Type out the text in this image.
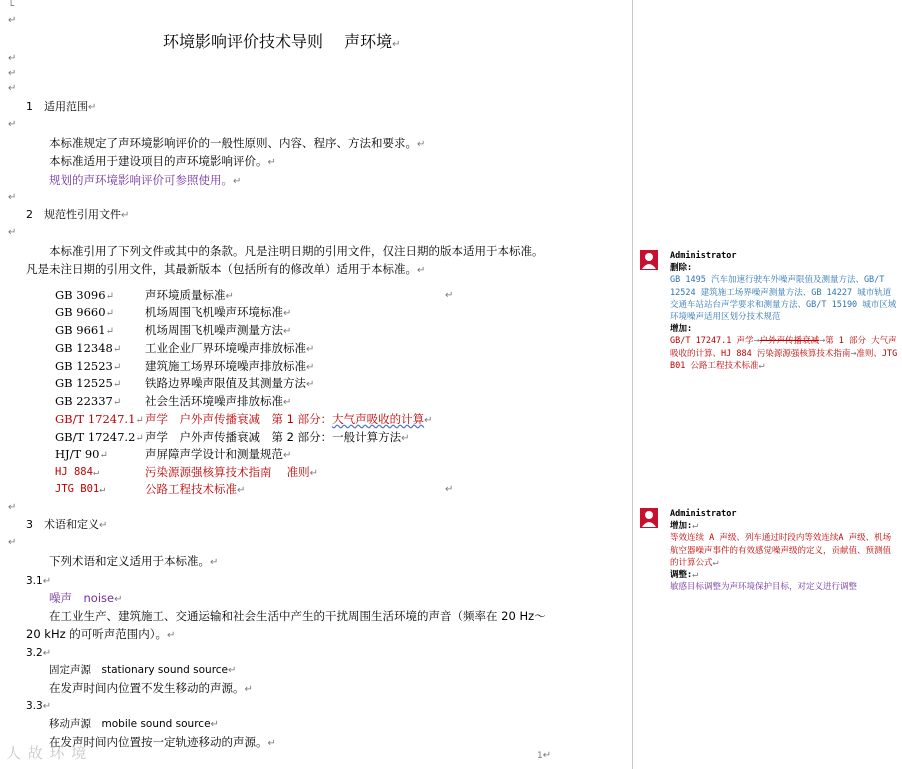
└
↵
环境影响评价技术导则　 声环境↵
↵
↵
↵
1　适用范围↵
↵
本标准规定了声环境影响评价的一般性原则、内容、程序、方法和要求。↵
本标准适用于建设项目的声环境影响评价。↵
规划的声环境影响评价可参照使用。↵
↵
2　规范性引用文件↵
↵
本标准引用了下列文件或其中的条款。凡是注明日期的引用文件，仅注日期的版本适用于本标准。
凡是未注日期的引用文件，其最新版本（包括所有的修改单）适用于本标准。↵
GB 3096↵	声环境质量标准↵	↵
GB 9660↵	机场周围飞机噪声环境标准↵
GB 9661↵	机场周围飞机噪声测量方法↵
GB 12348↵ 工业企业厂界环境噪声排放标准↵
GB 12523↵ 建筑施工场界环境噪声排放标准↵
GB 12525↵ 铁路边界噪声限值及其测量方法↵
GB 22337↵ 社会生活环境噪声排放标准↵
GB/T 17247.1↵ 声学　户外声传播衰减　第 1 部分：大气声吸收的计算↵
GB/T 17247.2↵ 声学　户外声传播衰减　第 2 部分：一般计算方法↵
HJ/T 90↵	声屏障声学设计和测量规范↵
HJ 884↵	污染源源强核算技术指南　 准则↵
JTG B01↵	公路工程技术标准↵	↵
↵
3　术语和定义↵
↵
下列术语和定义适用于本标准。↵
3.1↵
噪声　noise↵
在工业生产、建筑施工、交通运输和社会生活中产生的干扰周围生活环境的声音（频率在 20 Hz～
20 kHz 的可听声范围内）。↵
3.2↵
固定声源　stationary sound source↵
在发声时间内位置不发生移动的声源。↵
3.3↵
移动声源　mobile sound source↵
在发声时间内位置按一定轨迹移动的声源。↵
1↵
人 故 环 境
Administrator
删除:
GB 1495 汽车加速行驶车外噪声限值及测量方法、GB/T 12524 建筑施工场界噪声测量方法、GB 14227 城市轨道交通车站站台声学要求和测量方法、GB/T 15190 城市区域环境噪声适用区划分技术规范
增加:
GB/T 17247.1 声学→户外声传播衰减→第 1 部分 大气声吸收的计算、HJ 884 污染源源强核算技术指南→准则、JTG B01 公路工程技术标准↵
Administrator
增加:↵
等效连续 A 声级、列车通过时段内等效连续A 声级、机场航空器噪声事件的有效感觉噪声级的定义，贡献值、预测值的计算公式↵
调整:↵
敏感目标调整为声环境保护目标，对定义进行调整
